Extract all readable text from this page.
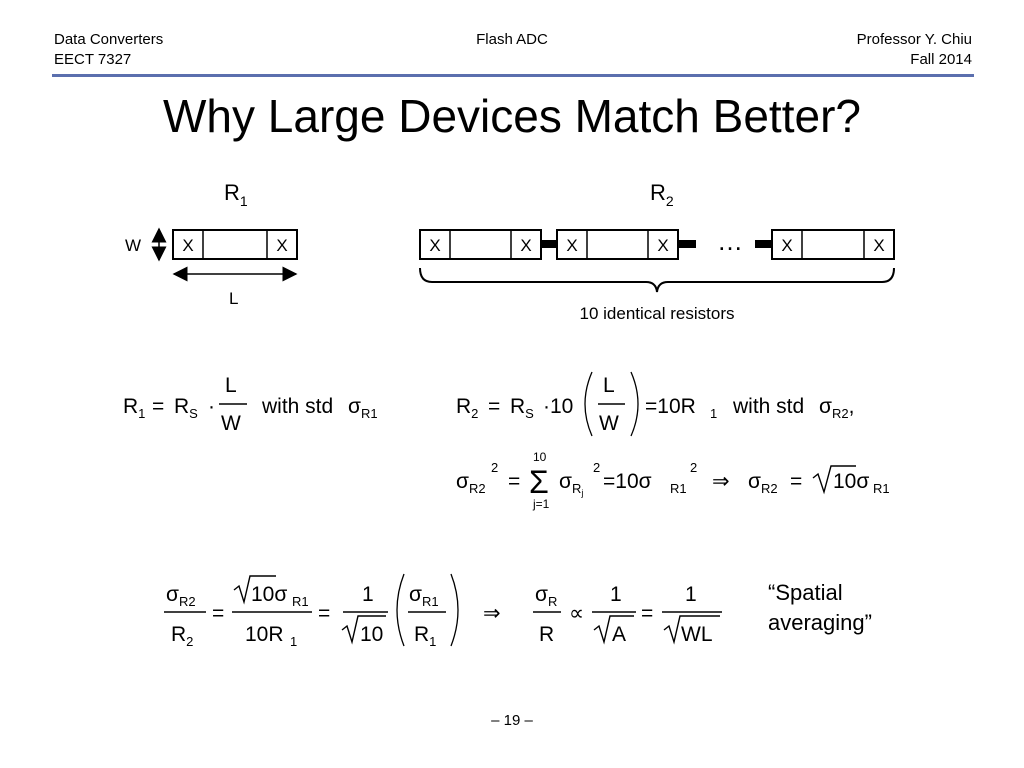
Data Converters
EECT 7327
Flash ADC	Professor Y. Chiu
Fall 2014
Why Large Devices Match Better?
$R_1$
X	X
W
L
$R_2$
X	X X	X … X	X
10 identical resistors
$R_1 = R_S$ ·
L
W
with std $\sigma_{R1}$	$R_2 = R_S \cdot 10$
L
W
=10R 1 with std $\sigma_{R2}$,
$\sigma_{R2}$
2
=
10
Σ
j=1
$\sigma_Rj$
2
=10σ R1
2
⇒ $\sigma_{R2} = 10\sigma$ R1
$\sigma_{R2}$
$R_2$
=
10σ R1
10R 1
=
1
10
$\sigma_{R1}$
$R_1$
⇒
$\sigma_R$
R
∝
1
A
=
1
WL
“Spatial
averaging”
– 19 –
